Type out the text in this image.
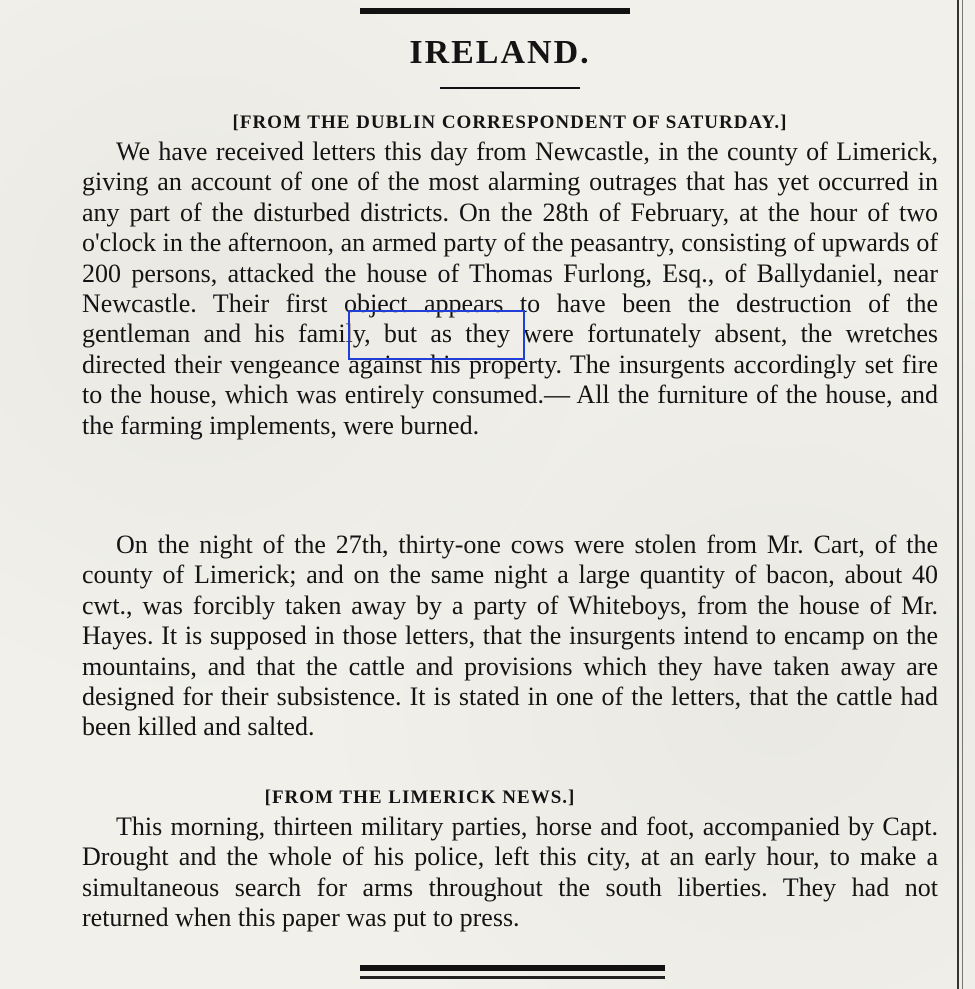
IRELAND.
[FROM THE DUBLIN CORRESPONDENT OF SATURDAY.]

We have received letters this day from Newcastle, in the county of Limerick, giving an account of one of the most alarming outrages that has yet occurred in any part of the disturbed districts. On the 28th of February, at the hour of two o'clock in the afternoon, an armed party of the peasantry, consisting of upwards of 200 persons, attacked the house of Thomas Furlong, Esq., of Ballydaniel, near Newcastle. Their first object appears to have been the destruction of the gentleman and his family, but as they were fortunately absent, the wretches directed their vengeance against his property. The insurgents accordingly set fire to the house, which was entirely consumed.— All the furniture of the house, and the farming implements, were burned.

On the night of the 27th, thirty-one cows were stolen from Mr. Cart, of the county of Limerick; and on the same night a large quantity of bacon, about 40 cwt., was forcibly taken away by a party of Whiteboys, from the house of Mr. Hayes. It is supposed in those letters, that the insurgents intend to encamp on the mountains, and that the cattle and provisions which they have taken away are designed for their subsistence. It is stated in one of the letters, that the cattle had been killed and salted.

[FROM THE LIMERICK NEWS.]

This morning, thirteen military parties, horse and foot, accompanied by Capt. Drought and the whole of his police, left this city, at an early hour, to make a simultaneous search for arms throughout the south liberties. They had not returned when this paper was put to press.
